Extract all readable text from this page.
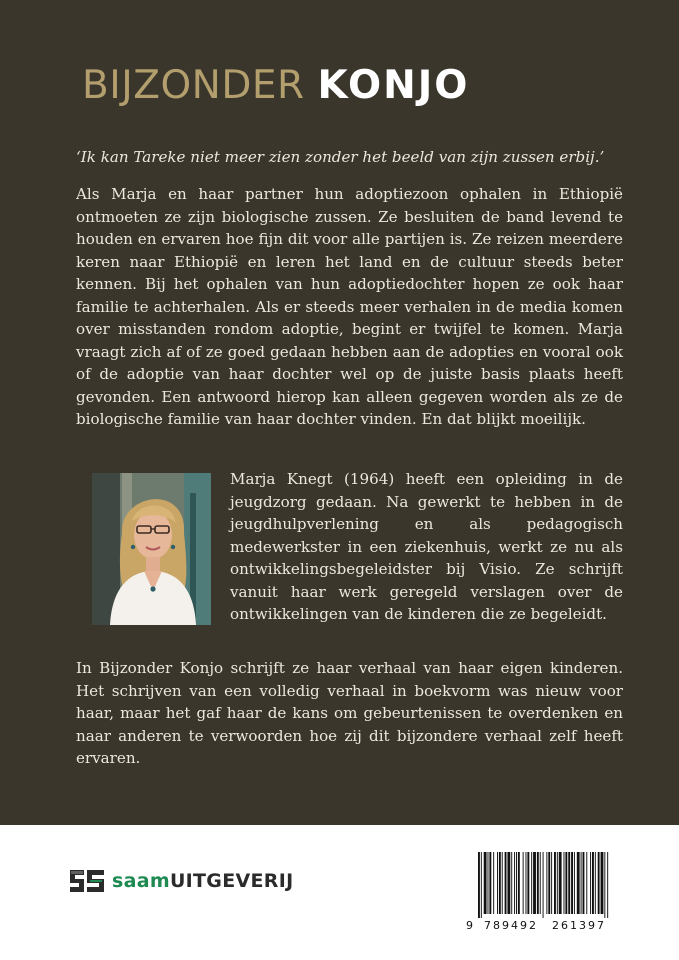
BIJZONDER KONJO
‘Ik kan Tareke niet meer zien zonder het beeld van zijn zussen erbij.’
Als Marja en haar partner hun adoptiezoon ophalen in Ethiopië ontmoeten ze zijn biologische zussen. Ze besluiten de band levend te houden en ervaren hoe fijn dit voor alle partijen is. Ze reizen meerdere keren naar Ethiopië en leren het land en de cultuur steeds beter kennen. Bij het ophalen van hun adoptiedochter hopen ze ook haar familie te achterhalen. Als er steeds meer verhalen in de media komen over misstanden rondom adoptie, begint er twijfel te komen. Marja vraagt zich af of ze goed gedaan hebben aan de adopties en vooral ook of de adoptie van haar dochter wel op de juiste basis plaats heeft gevonden. Een antwoord hierop kan alleen gegeven worden als ze de biologische familie van haar dochter vinden. En dat blijkt moeilijk.
Marja Knegt (1964) heeft een opleiding in de jeugdzorg gedaan. Na gewerkt te hebben in de jeugdhulpverlening en als pedagogisch medewerkster in een ziekenhuis, werkt ze nu als ontwikkelingsbegeleidster bij Visio. Ze schrijft vanuit haar werk geregeld verslagen over de ontwikkelingen van de kinderen die ze begeleidt.
In Bijzonder Konjo schrijft ze haar verhaal van haar eigen kinderen. Het schrijven van een volledig verhaal in boekvorm was nieuw voor haar, maar het gaf haar de kans om gebeurtenissen te overdenken en naar anderen te verwoorden hoe zij dit bijzondere verhaal zelf heeft ervaren.
saamUITGEVERIJ
9 789492 261397
